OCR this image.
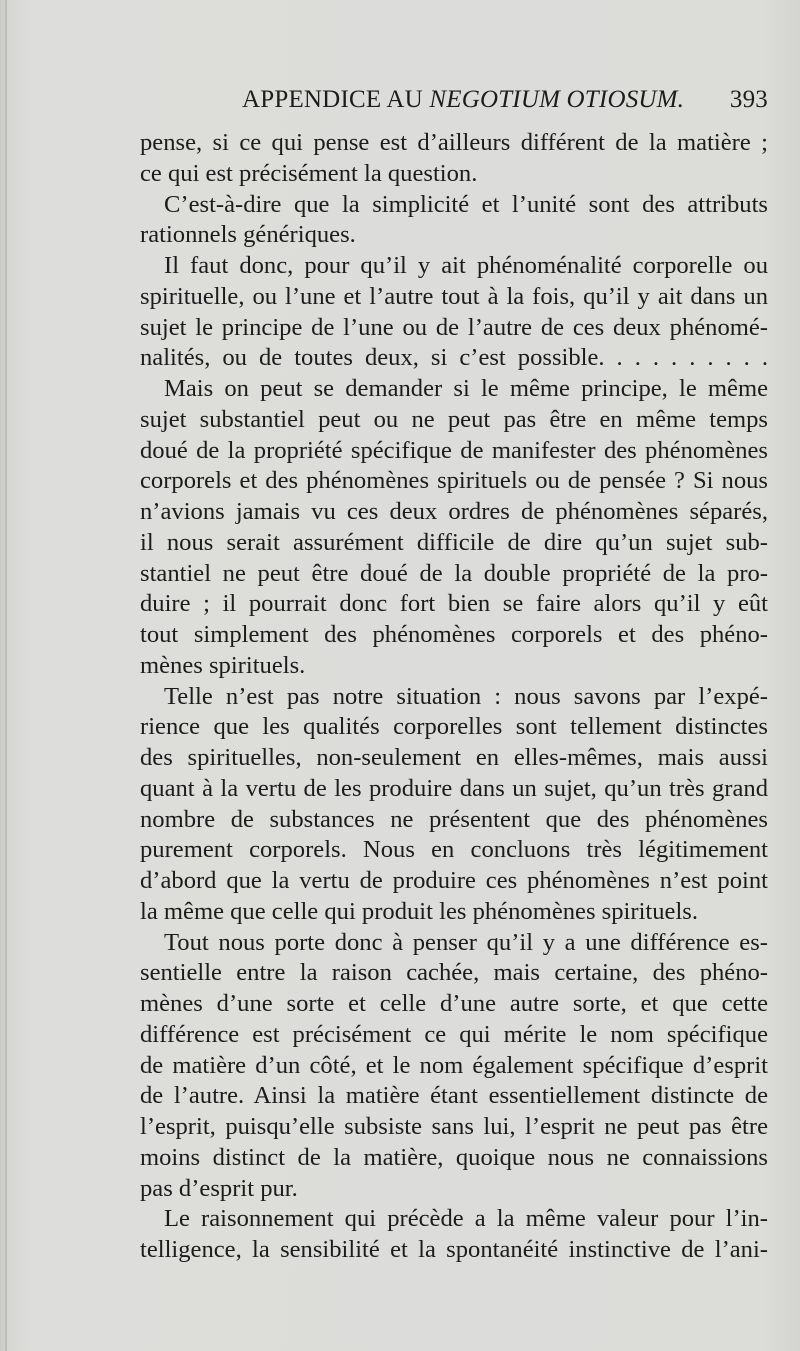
APPENDICE AU NEGOTIUM OTIOSUM. 393
pense, si ce qui pense est d’ailleurs différent de la matière ;
ce qui est précisément la question.
C’est-à-dire que la simplicité et l’unité sont des attributs
rationnels génériques.
Il faut donc, pour qu’il y ait phénoménalité corporelle ou
spirituelle, ou l’une et l’autre tout à la fois, qu’il y ait dans un
sujet le principe de l’une ou de l’autre de ces deux phénomé-
nalités, ou de toutes deux, si c’est possible. . . . . . . . . .
Mais on peut se demander si le même principe, le même
sujet substantiel peut ou ne peut pas être en même temps
doué de la propriété spécifique de manifester des phénomènes
corporels et des phénomènes spirituels ou de pensée ? Si nous
n’avions jamais vu ces deux ordres de phénomènes séparés,
il nous serait assurément difficile de dire qu’un sujet sub-
stantiel ne peut être doué de la double propriété de la pro-
duire ; il pourrait donc fort bien se faire alors qu’il y eût
tout simplement des phénomènes corporels et des phéno-
mènes spirituels.
Telle n’est pas notre situation : nous savons par l’expé-
rience que les qualités corporelles sont tellement distinctes
des spirituelles, non-seulement en elles-mêmes, mais aussi
quant à la vertu de les produire dans un sujet, qu’un très grand
nombre de substances ne présentent que des phénomènes
purement corporels. Nous en concluons très légitimement
d’abord que la vertu de produire ces phénomènes n’est point
la même que celle qui produit les phénomènes spirituels.
Tout nous porte donc à penser qu’il y a une différence es-
sentielle entre la raison cachée, mais certaine, des phéno-
mènes d’une sorte et celle d’une autre sorte, et que cette
différence est précisément ce qui mérite le nom spécifique
de matière d’un côté, et le nom également spécifique d’esprit
de l’autre. Ainsi la matière étant essentiellement distincte de
l’esprit, puisqu’elle subsiste sans lui, l’esprit ne peut pas être
moins distinct de la matière, quoique nous ne connaissions
pas d’esprit pur.
Le raisonnement qui précède a la même valeur pour l’in-
telligence, la sensibilité et la spontanéité instinctive de l’ani-
